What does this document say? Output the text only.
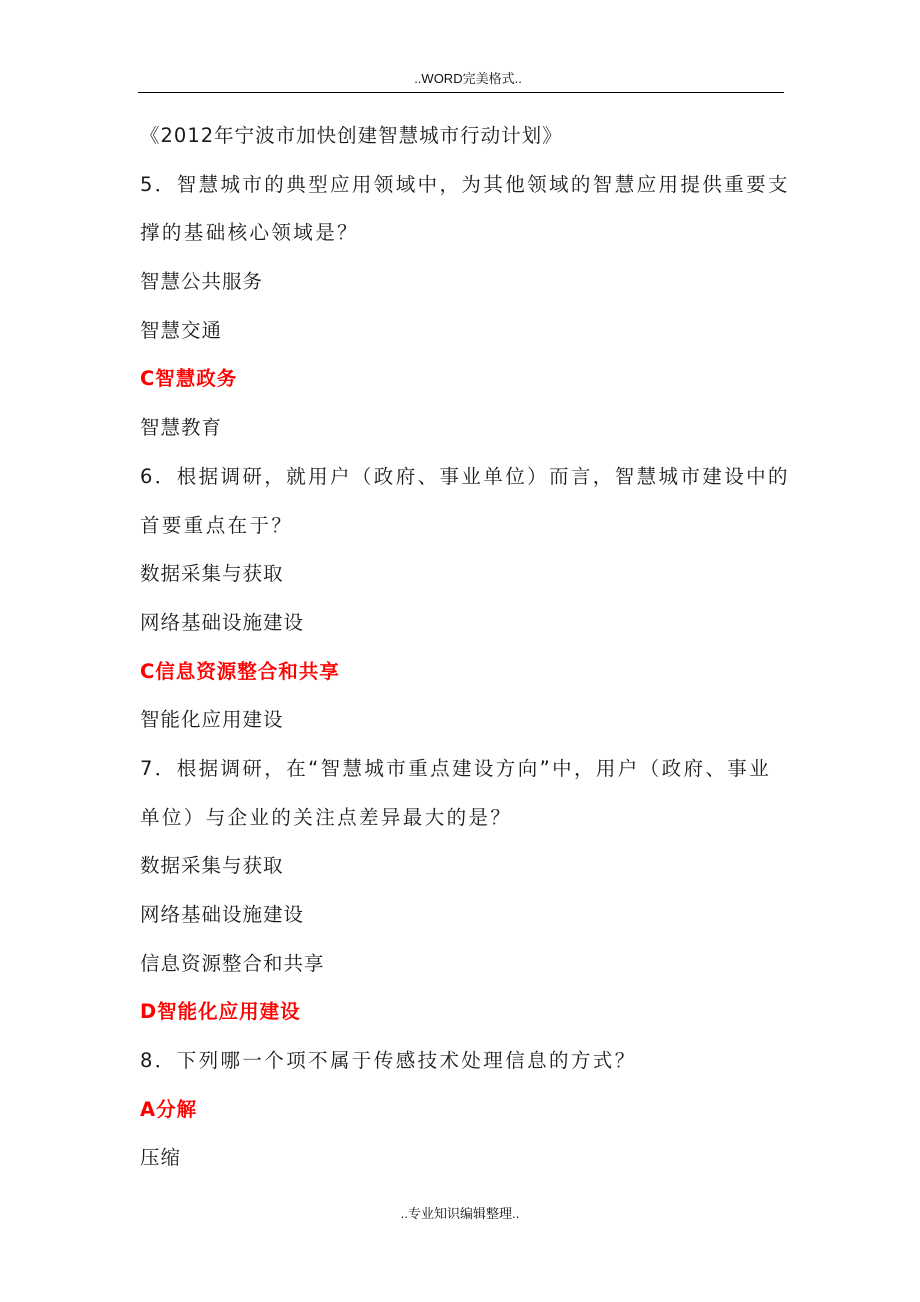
..WORD完美格式..
《2012年宁波市加快创建智慧城市行动计划》
5．智慧城市的典型应用领域中，为其他领域的智慧应用提供重要支
撑的基础核心领域是？
智慧公共服务
智慧交通
C智慧政务
智慧教育
6．根据调研，就用户（政府、事业单位）而言，智慧城市建设中的
首要重点在于？
数据采集与获取
网络基础设施建设
C信息资源整合和共享
智能化应用建设
7．根据调研，在“智慧城市重点建设方向”中，用户（政府、事业
单位）与企业的关注点差异最大的是？
数据采集与获取
网络基础设施建设
信息资源整合和共享
D智能化应用建设
8．下列哪一个项不属于传感技术处理信息的方式？
A分解
压缩
..专业知识编辑整理..
